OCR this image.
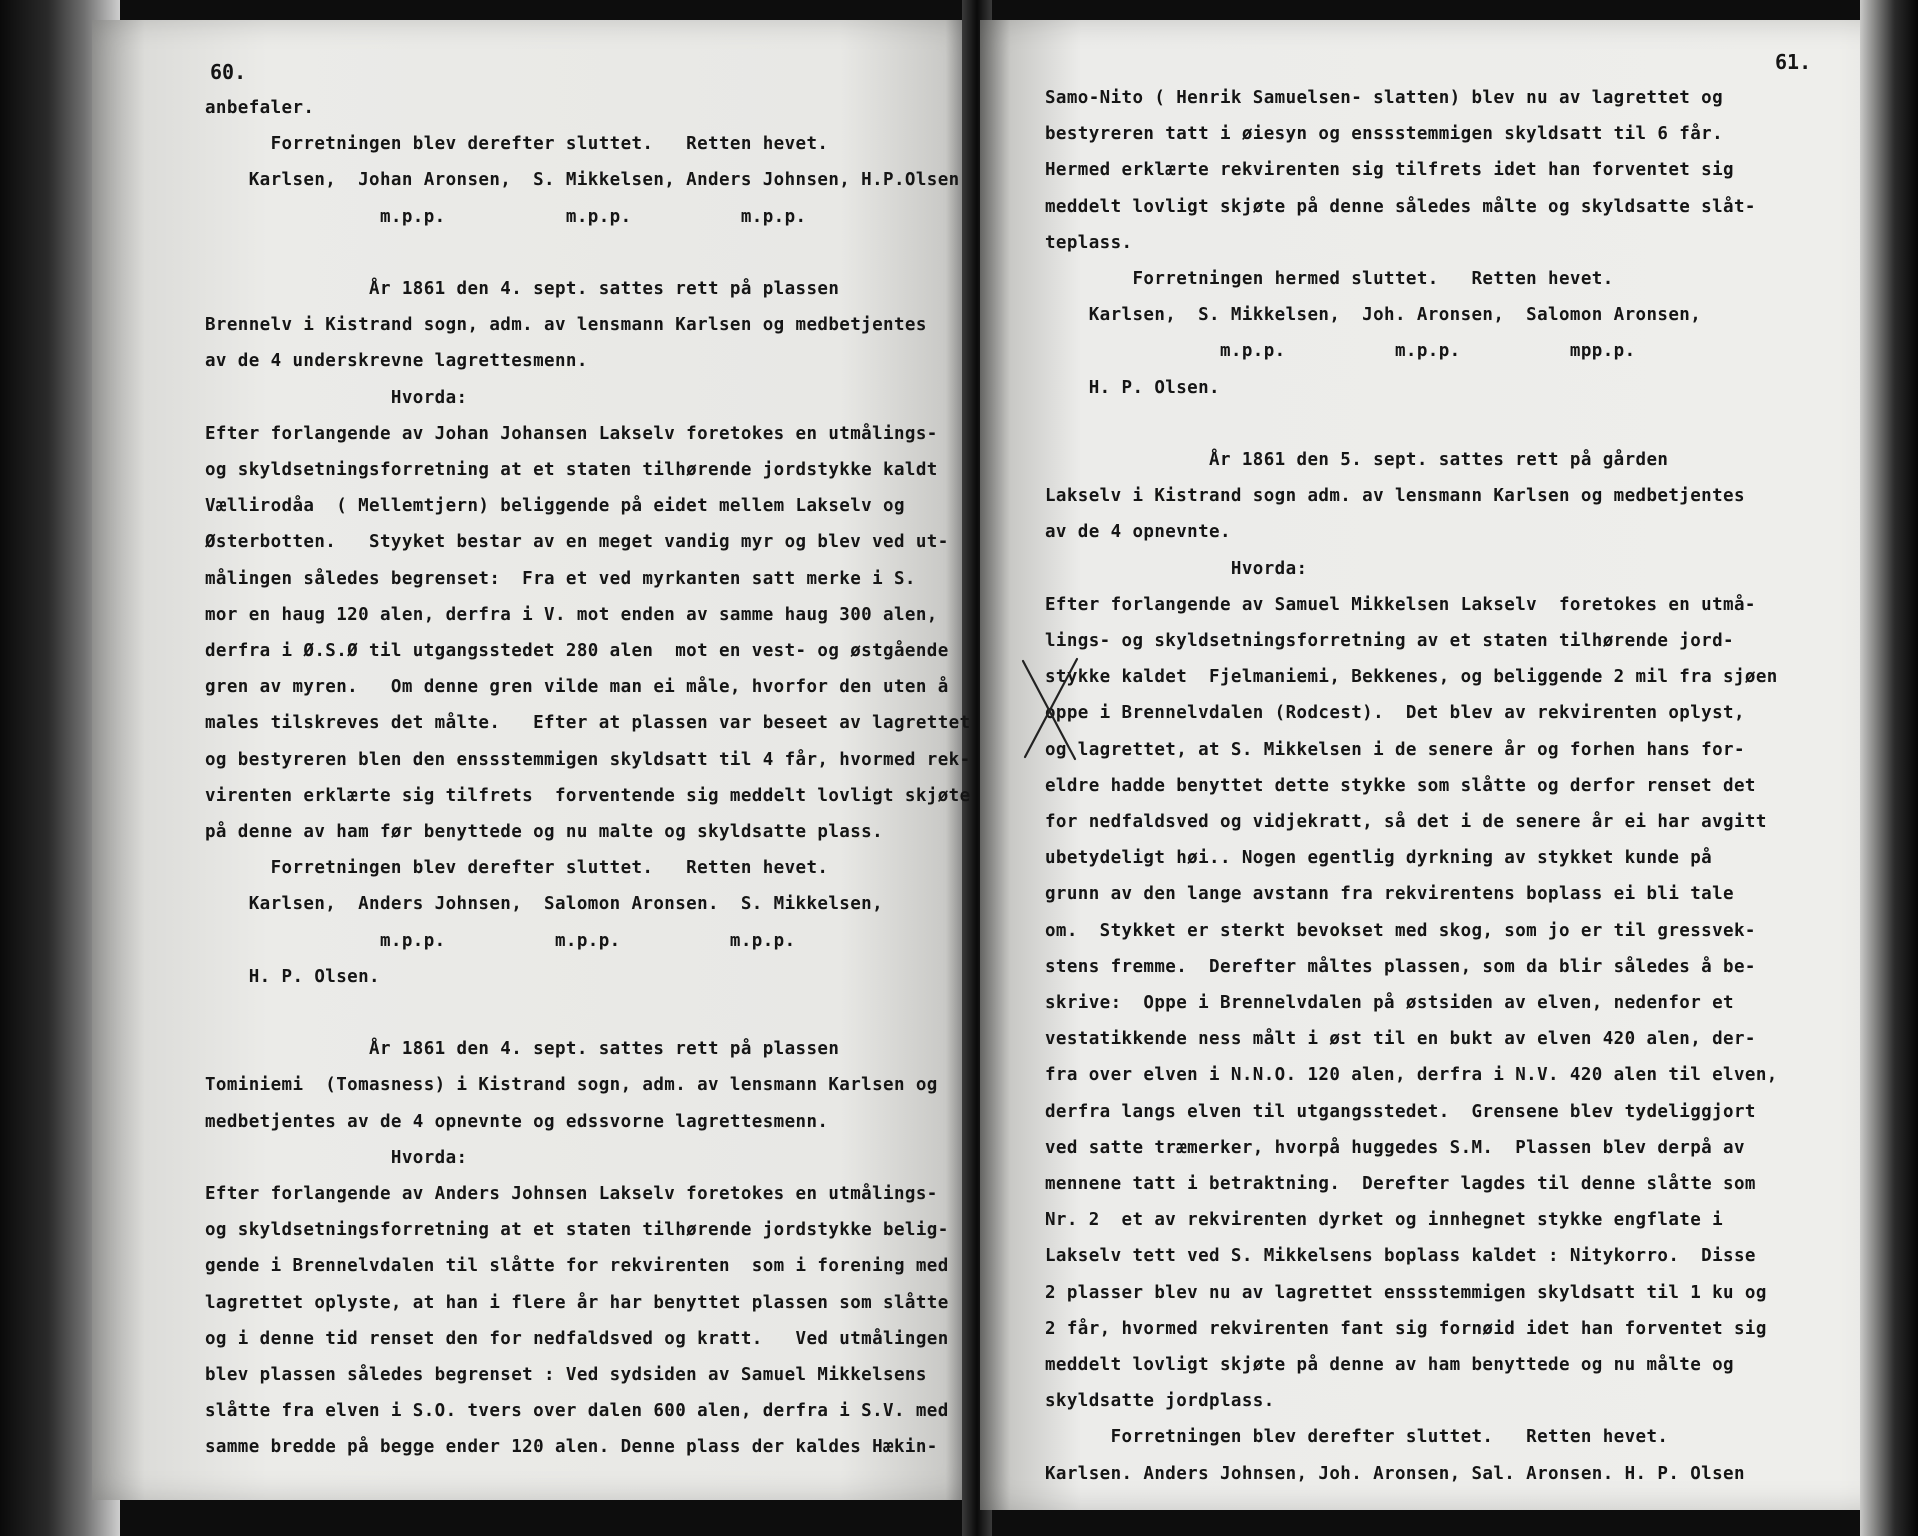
60.	61.
anbefaler.
Forretningen blev derefter sluttet.   Retten hevet.
Karlsen,  Johan Aronsen,  S. Mikkelsen, Anders Johnsen, H.P.Olsen
m.p.p.           m.p.p.          m.p.p.
År 1861 den 4. sept. sattes rett på plassen
Brennelv i Kistrand sogn, adm. av lensmann Karlsen og medbetjentes
av de 4 underskrevne lagrettesmenn.
Hvorda:
Efter forlangende av Johan Johansen Lakselv foretokes en utmålings-
og skyldsetningsforretning at et staten tilhørende jordstykke kaldt
Vællirodåa  ( Mellemtjern) beliggende på eidet mellem Lakselv og
Østerbotten.   Styyket bestar av en meget vandig myr og blev ved ut-
målingen således begrenset:  Fra et ved myrkanten satt merke i S.
mor en haug 120 alen, derfra i V. mot enden av samme haug 300 alen,
derfra i Ø.S.Ø til utgangsstedet 280 alen  mot en vest- og østgående
gren av myren.   Om denne gren vilde man ei måle, hvorfor den uten å
males tilskreves det målte.   Efter at plassen var beseet av lagrettet
og bestyreren blen den enssstemmigen skyldsatt til 4 får, hvormed rek-
virenten erklærte sig tilfrets  forventende sig meddelt lovligt skjøte
på denne av ham før benyttede og nu malte og skyldsatte plass.
Forretningen blev derefter sluttet.   Retten hevet.
Karlsen,  Anders Johnsen,  Salomon Aronsen.  S. Mikkelsen,
m.p.p.          m.p.p.          m.p.p.
H. P. Olsen.
År 1861 den 4. sept. sattes rett på plassen
Tominiemi  (Tomasness) i Kistrand sogn, adm. av lensmann Karlsen og
medbetjentes av de 4 opnevnte og edssvorne lagrettesmenn.
Hvorda:
Efter forlangende av Anders Johnsen Lakselv foretokes en utmålings-
og skyldsetningsforretning at et staten tilhørende jordstykke belig-
gende i Brennelvdalen til slåtte for rekvirenten  som i forening med
lagrettet oplyste, at han i flere år har benyttet plassen som slåtte
og i denne tid renset den for nedfaldsved og kratt.   Ved utmålingen
blev plassen således begrenset : Ved sydsiden av Samuel Mikkelsens
slåtte fra elven i S.O. tvers over dalen 600 alen, derfra i S.V. med
samme bredde på begge ender 120 alen. Denne plass der kaldes Hækin-
Samo-Nito ( Henrik Samuelsen- slatten) blev nu av lagrettet og
bestyreren tatt i øiesyn og enssstemmigen skyldsatt til 6 får.
Hermed erklærte rekvirenten sig tilfrets idet han forventet sig
meddelt lovligt skjøte på denne således målte og skyldsatte slåt-
teplass.
Forretningen hermed sluttet.   Retten hevet.
Karlsen,  S. Mikkelsen,  Joh. Aronsen,  Salomon Aronsen,
m.p.p.          m.p.p.          mpp.p.
H. P. Olsen.
År 1861 den 5. sept. sattes rett på gården
Lakselv i Kistrand sogn adm. av lensmann Karlsen og medbetjentes
av de 4 opnevnte.
Hvorda:
Efter forlangende av Samuel Mikkelsen Lakselv  foretokes en utmå-
lings- og skyldsetningsforretning av et staten tilhørende jord-
stykke kaldet  Fjelmaniemi, Bekkenes, og beliggende 2 mil fra sjøen
oppe i Brennelvdalen (Rodcest).  Det blev av rekvirenten oplyst,
og lagrettet, at S. Mikkelsen i de senere år og forhen hans for-
eldre hadde benyttet dette stykke som slåtte og derfor renset det
for nedfaldsved og vidjekratt, så det i de senere år ei har avgitt
ubetydeligt høi.. Nogen egentlig dyrkning av stykket kunde på
grunn av den lange avstann fra rekvirentens boplass ei bli tale
om.  Stykket er sterkt bevokset med skog, som jo er til gressvek-
stens fremme.  Derefter måltes plassen, som da blir således å be-
skrive:  Oppe i Brennelvdalen på østsiden av elven, nedenfor et
vestatikkende ness målt i øst til en bukt av elven 420 alen, der-
fra over elven i N.N.O. 120 alen, derfra i N.V. 420 alen til elven,
derfra langs elven til utgangsstedet.  Grensene blev tydeliggjort
ved satte træmerker, hvorpå huggedes S.M.  Plassen blev derpå av
mennene tatt i betraktning.  Derefter lagdes til denne slåtte som
Nr. 2  et av rekvirenten dyrket og innhegnet stykke engflate i
Lakselv tett ved S. Mikkelsens boplass kaldet : Nitykorro.  Disse
2 plasser blev nu av lagrettet enssstemmigen skyldsatt til 1 ku og
2 får, hvormed rekvirenten fant sig fornøid idet han forventet sig
meddelt lovligt skjøte på denne av ham benyttede og nu målte og
skyldsatte jordplass.
Forretningen blev derefter sluttet.   Retten hevet.
Karlsen. Anders Johnsen, Joh. Aronsen, Sal. Aronsen. H. P. Olsen
